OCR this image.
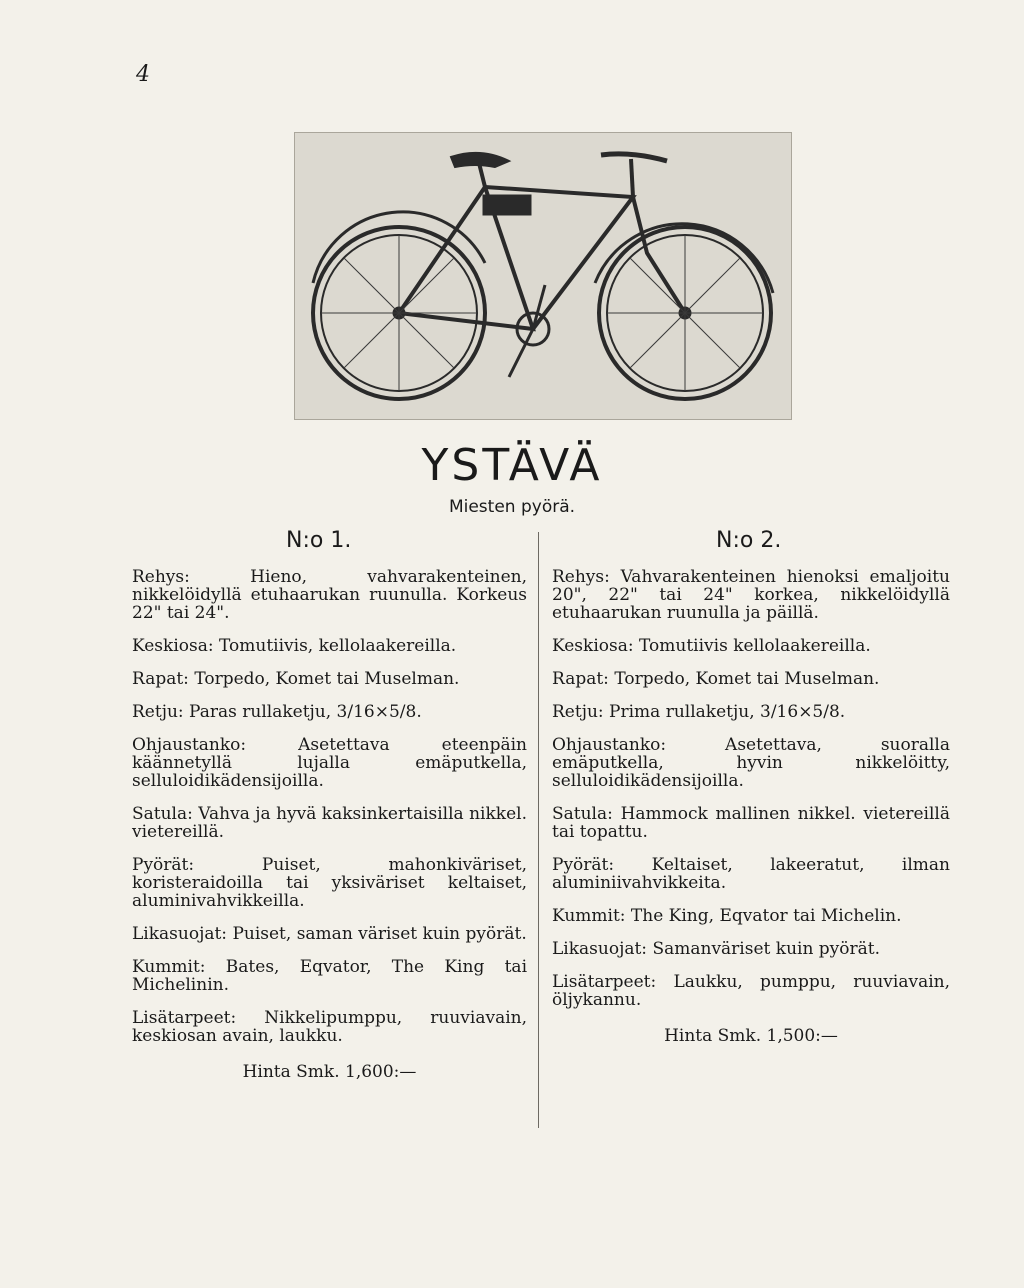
4
YSTÄVÄ
Miesten pyörä.
N:o 1.	N:o 2.
Rehys:	Hieno, vahvarakenteinen, nikkelöidyllä etuhaarukan ruunulla. Korkeus 22" tai 24".
Keskiosa: Tomutiivis, kellolaakereilla.
Rapat: Torpedo, Komet tai Muselman.
Retju: Paras rullaketju, 3/16×5/8.
Ohjaustanko:	Asetettava eteenpäin käännetyllä lujalla emäputkella, selluloidikädensijoilla.
Satula: Vahva ja hyvä kaksinkertaisilla nikkel. vietereillä.
Pyörät:	Puiset, mahonkiväriset, koristeraidoilla tai yksiväriset keltaiset, aluminivahvikkeilla.
Likasuojat: Puiset, saman väriset kuin pyörät.
Kummit: Bates, Eqvator, The King tai Michelinin.
Lisätarpeet: Nikkelipumppu, ruuviavain, keskiosan avain, laukku.
Hinta Smk. 1,600:—
Rehys: Vahvarakenteinen hienoksi emaljoitu 20", 22" tai 24" korkea, nikkelöidyllä etuhaarukan ruunulla ja päillä.
Keskiosa: Tomutiivis kellolaakereilla.
Rapat: Torpedo, Komet tai Muselman.
Retju: Prima rullaketju, 3/16×5/8.
Ohjaustanko:	Asetettava, suoralla emäputkella, hyvin nikkelöitty, selluloidikädensijoilla.
Satula: Hammock mallinen nikkel. vietereillä tai topattu.
Pyörät: Keltaiset, lakeeratut, ilman aluminiivahvikkeita.
Kummit: The King, Eqvator tai Michelin.
Likasuojat: Samanväriset kuin pyörät.
Lisätarpeet: Laukku, pumppu, ruuviavain, öljykannu.
Hinta Smk. 1,500:—
